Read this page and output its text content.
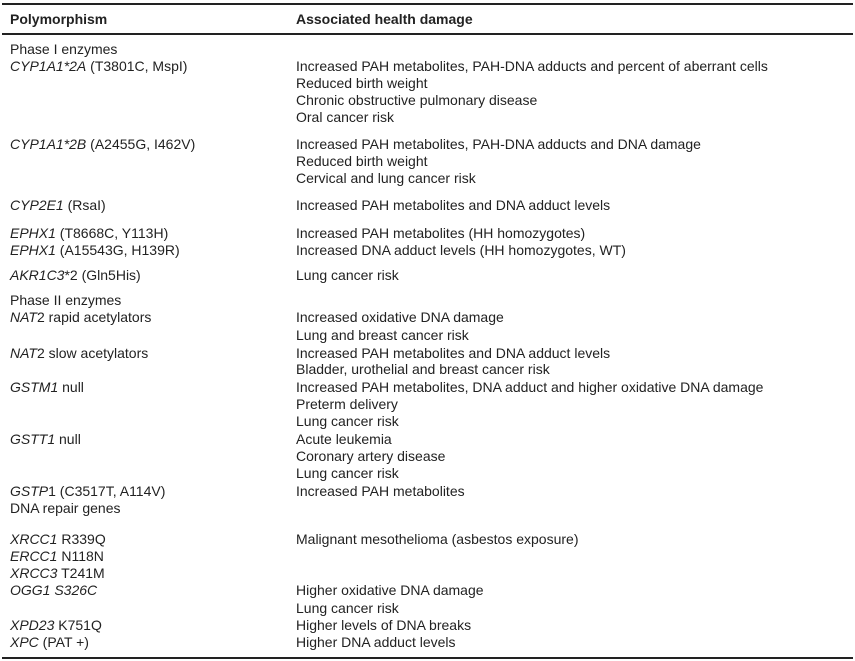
Polymorphism	Associated health damage
Phase I enzymes
CYP1A1*2A (T3801C, MspI)
CYP1A1*2B (A2455G, I462V)
CYP2E1 (RsaI)
EPHX1 (T8668C, Y113H)
EPHX1 (A15543G, H139R)
AKR1C3*2 (Gln5His)
Phase II enzymes
NAT2 rapid acetylators
NAT2 slow acetylators
GSTM1 null
GSTT1 null
GSTP1 (C3517T, A114V)
DNA repair genes
XRCC1 R339Q
ERCC1 N118N
XRCC3 T241M
OGG1 S326C
XPD23 K751Q
XPC (PAT +)
Increased PAH metabolites, PAH-DNA adducts and percent of aberrant cells
Reduced birth weight
Chronic obstructive pulmonary disease
Oral cancer risk
Increased PAH metabolites, PAH-DNA adducts and DNA damage
Reduced birth weight
Cervical and lung cancer risk
Increased PAH metabolites and DNA adduct levels
Increased PAH metabolites (HH homozygotes)
Increased DNA adduct levels (HH homozygotes, WT)
Lung cancer risk
Increased oxidative DNA damage
Lung and breast cancer risk
Increased PAH metabolites and DNA adduct levels
Bladder, urothelial and breast cancer risk
Increased PAH metabolites, DNA adduct and higher oxidative DNA damage
Preterm delivery
Lung cancer risk
Acute leukemia
Coronary artery disease
Lung cancer risk
Increased PAH metabolites
Malignant mesothelioma (asbestos exposure)
Higher oxidative DNA damage
Lung cancer risk
Higher levels of DNA breaks
Higher DNA adduct levels
